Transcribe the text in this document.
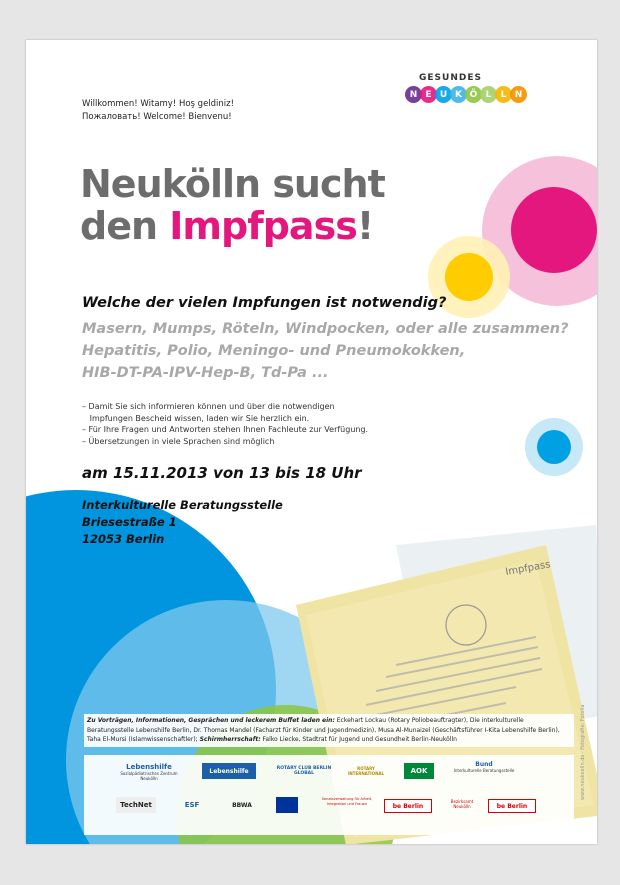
Impfpass
GESUNDES
N E U K Ö L	L N
Willkommen! Witamy! Hoş geldiniz!
Пожаловать! Welcome! Bienvenu!
Neukölln sucht
den Impfpass!
Welche der vielen Impfungen ist notwendig?
Masern, Mumps, Röteln, Windpocken, oder alle zusammen?
Hepatitis, Polio, Meningo- und Pneumokokken,
HIB-DT-PA-IPV-Hep-B, Td-Pa ...
– Damit Sie sich informieren können und über die notwendigen
Impfungen Bescheid wissen, laden wir Sie herzlich ein.
– Für Ihre Fragen und Antworten stehen Ihnen Fachleute zur Verfügung.
– Übersetzungen in viele Sprachen sind möglich
am 15.11.2013 von 13 bis 18 Uhr
Interkulturelle Beratungsstelle
Briesestraße 1
12053 Berlin
Zu Vorträgen, Informationen, Gesprächen und leckerem Buffet laden ein: Eckehart Lockau (Rotary Poliobeauftragter), Die interkulturelle Beratungsstelle Lebenshilfe Berlin, Dr. Thomas Mandel (Facharzt für Kinder und Jugendmedizin), Musa Al-Munaizel (Geschäftsführer I-Kita Lebenshilfe Berlin), Taha El-Mursi (Islamwissenschaftler); Schirmherrschaft: Falko Liecke, Stadtrat für Jugend und Gesundheit Berlin-Neukölln
Lebenshilfe
Sozialpädiatrisches Zentrum Neukölln
Lebenshilfe	ROTARY CLUB BERLIN GLOBAL
ROTARY INTERNATIONAL	AOK
Bund
Interkulturelle Beratungsstelle
TechNet	ESF	BBWA
Senatsverwaltung für Arbeit, Integration und Frauen	be Berlin
Bezirksamt Neukölln	be Berlin
www.neukoelln.de · Fotografie: Fotolia
